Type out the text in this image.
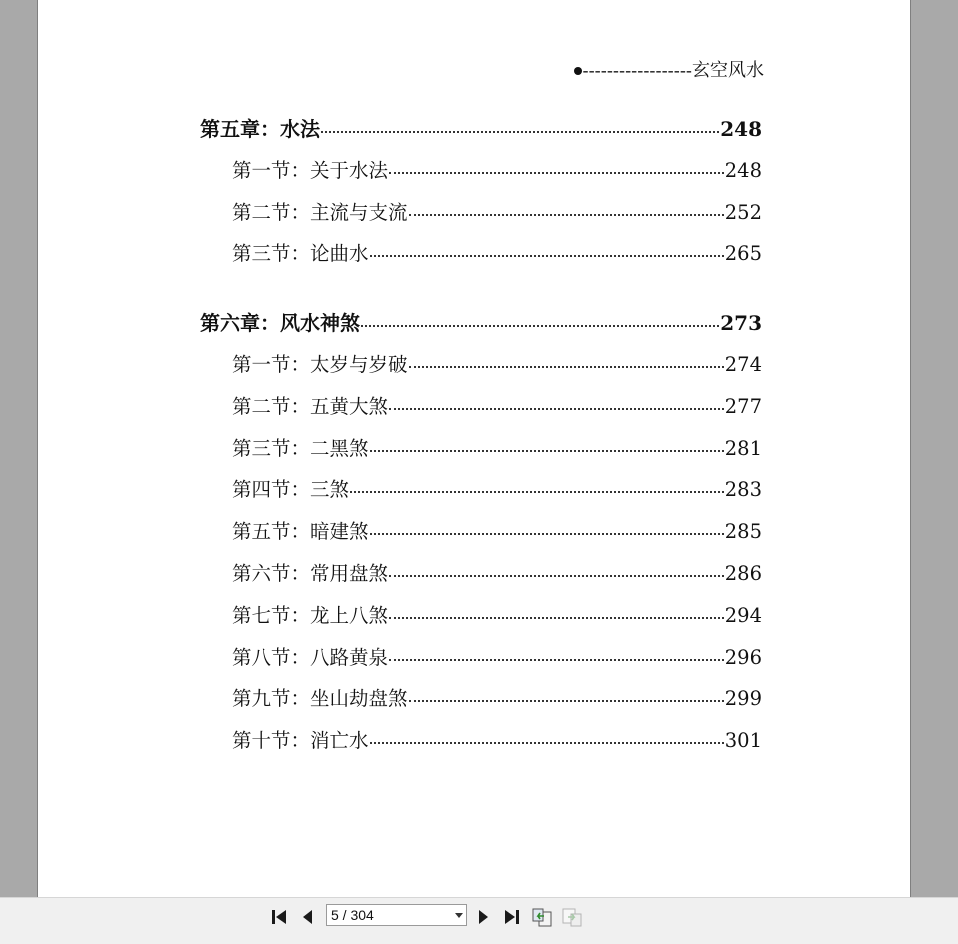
------------------玄空风水
第五章：水法	248
第一节：关于水法	248
第二节：主流与支流	252
第三节：论曲水	265
第六章：风水神煞	273
第一节：太岁与岁破	274
第二节：五黄大煞	277
第三节：二黑煞	281
第四节：三煞	283
第五节：暗建煞	285
第六节：常用盘煞	286
第七节：龙上八煞	294
第八节：八路黄泉	296
第九节：坐山劫盘煞	299
第十节：消亡水	301
5 / 304
